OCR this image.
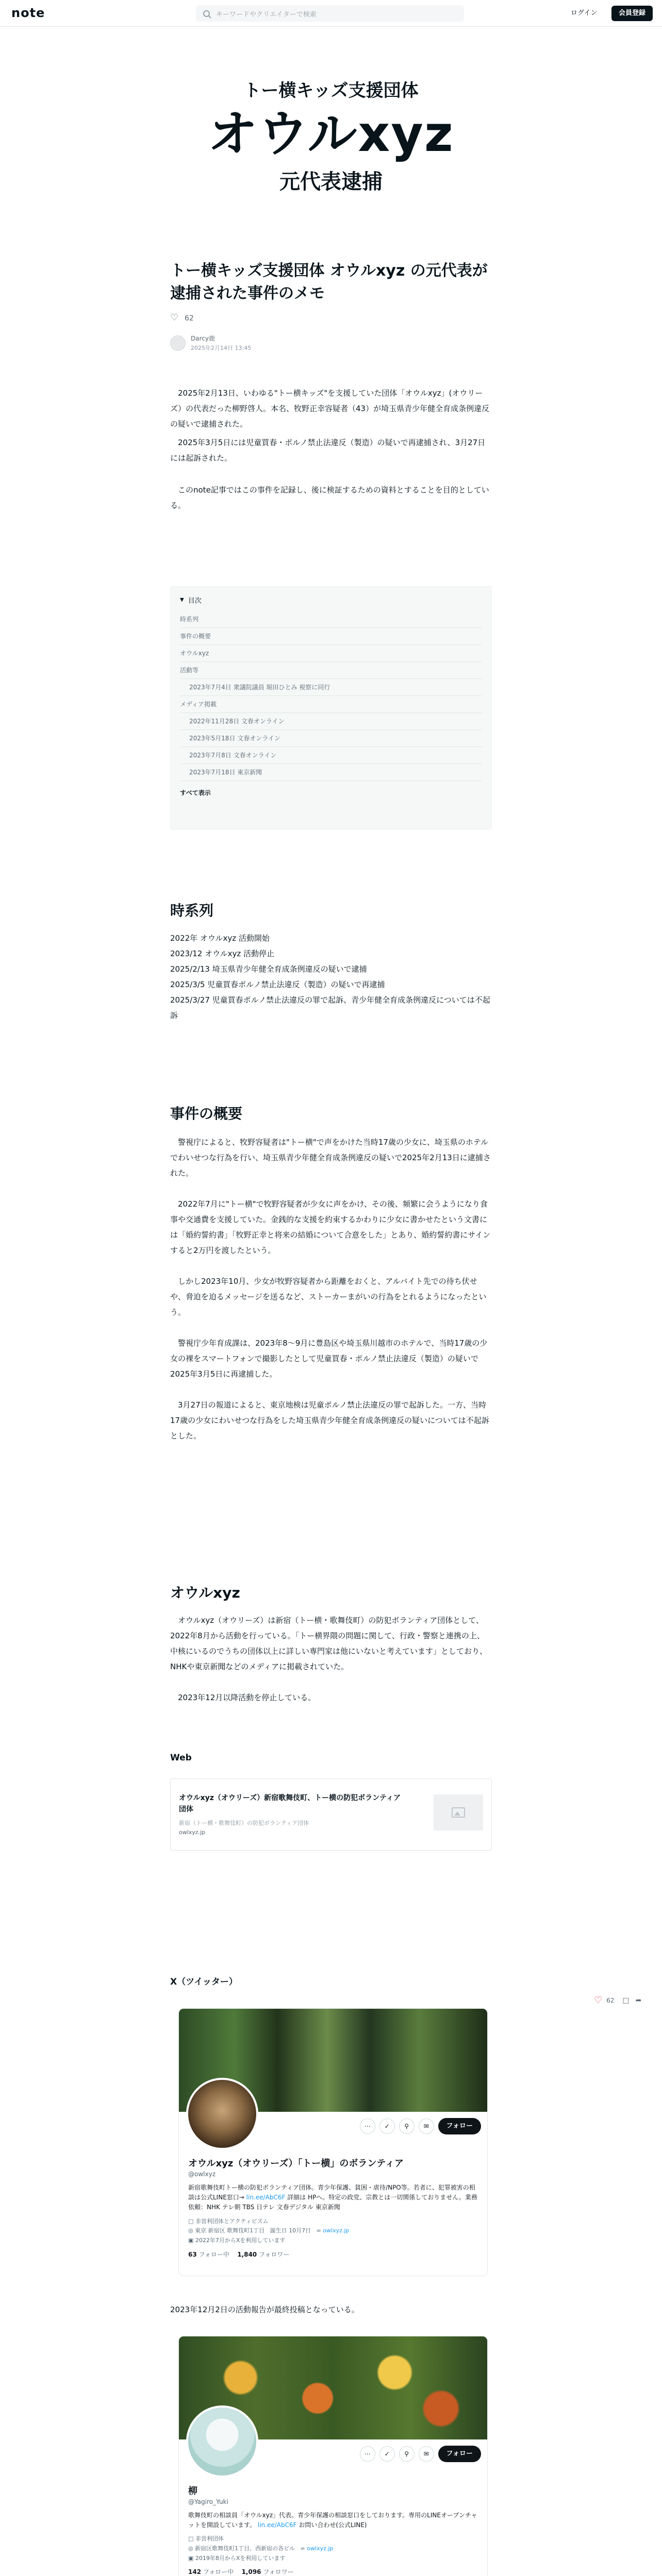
note	キーワードやクリエイターで検索	ログイン	会員登録
トー横キッズ支援団体
オウルxyz
元代表逮捕
トー横キッズ支援団体 オウルxyz の元代表が逮捕された事件のメモ
♡
62
Darcy鹿
2025年2月14日 13:45

2025年2月13日、いわゆる"トー横キッズ"を支援していた団体「オウルxyz」(オウリーズ）の代表だった柳野啓人。本名、牧野正幸容疑者（43）が埼玉県青少年健全育成条例違反の疑いで逮捕された。

2025年3月5日には児童買春・ポルノ禁止法違反（製造）の疑いで再逮捕され、3月27日には起訴された。

このnote記事ではこの事件を記録し、後に検証するための資料とすることを目的としている。

▼ 目次
時系列
事件の概要
オウルxyz
活動等
2023年7月4日 衆議院議員 堀田ひとみ 視察に同行
メディア掲載
2022年11月28日 文春オンライン
2023年5月18日 文春オンライン
2023年7月8日 文春オンライン
2023年7月18日 東京新聞
すべて表示
時系列
2022年 オウルxyz 活動開始
2023/12 オウルxyz 活動停止
2025/2/13 埼玉県青少年健全育成条例違反の疑いで逮捕
2025/3/5 児童買春ポルノ禁止法違反（製造）の疑いで再逮捕
2025/3/27 児童買春ポルノ禁止法違反の罪で起訴、青少年健全育成条例違反については不起訴
事件の概要

警視庁によると、牧野容疑者は"トー横"で声をかけた当時17歳の少女に、埼玉県のホテルでわいせつな行為を行い、埼玉県青少年健全育成条例違反の疑いで2025年2月13日に逮捕された。

2022年7月に"トー横"で牧野容疑者が少女に声をかけ、その後、頻繁に会うようになり食事や交通費を支援していた。金銭的な支援を約束するかわりに少女に書かせたという文書には「婚約誓約書」「牧野正幸と将来の結婚について合意をした」とあり、婚約誓約書にサインすると2万円を渡したという。

しかし2023年10月、少女が牧野容疑者から距離をおくと、アルバイト先での待ち伏せや、脅迫を迫るメッセージを送るなど、ストーカーまがいの行為をとれるようになったという。

警視庁少年育成課は、2023年8〜9月に豊島区や埼玉県川越市のホテルで、当時17歳の少女の裸をスマートフォンで撮影したとして児童買春・ポルノ禁止法違反（製造）の疑いで2025年3月5日に再逮捕した。

3月27日の報道によると、東京地検は児童ポルノ禁止法違反の罪で起訴した。一方、当時17歳の少女にわいせつな行為をした埼玉県青少年健全育成条例違反の疑いについては不起訴とした。

オウルxyz

オウルxyz（オウリーズ）は新宿（トー横・歌舞伎町）の防犯ボランティア団体として、2022年8月から活動を行っている。「トー横界隈の問題に関して、行政・警察と連携の上、中核にいるのでうちの団体以上に詳しい専門家は他にいないと考えています」としており、NHKや東京新聞などのメディアに掲載されていた。

2023年12月以降活動を停止している。

Web
オウルxyz（オウリーズ）新宿歌舞伎町、トー横の防犯ボランティア団体
新宿（トー横・歌舞伎町）の防犯ボランティア団体
owlxyz.jp
♡ 62 □ ➦
X（ツイッター）
⋯	✓	⚲	✉	フォロー
オウルxyz（オウリーズ）「トー横」のボランティア
@owlxyz
新宿歌舞伎町トー横の防犯ボランティア団体。青少年保護、貧困・虐待/NPO等。若者に、犯罪被害の相談は公式LINE窓口→ lin.ee/AbC6F 詳細は HPへ。特定の政党、宗教とは一切関係しておりません。業務依頼：NHK テレ朝 TBS 日テレ 文春デジタル 東京新聞
□ 非営利団体とアクティビズム
◎ 東京 新宿区 歌舞伎町1丁目 誕生日 10月7日 ∞ owlxyz.jp
▣ 2022年7月からXを利用しています
63 フォロー中 1,840 フォロワー
2023年12月2日の活動報告が最終投稿となっている。
⋯	✓	⚲	✉	フォロー
柳
@Yagiro_Yuki
歌舞伎町の相談員「オウルxyz」代表。青少年保護の相談窓口をしております。専用のLINEオープンチャットを開設しています。 lin.ee/AbC6F お問い合わせ(公式LINE)
□ 非営利団体
◎ 新宿区歌舞伎町1丁目、西新宿の各ビル ∞ owlxyz.jp
▣ 2019年8月からXを利用しています
142 フォロー中 1,096 フォロワー
